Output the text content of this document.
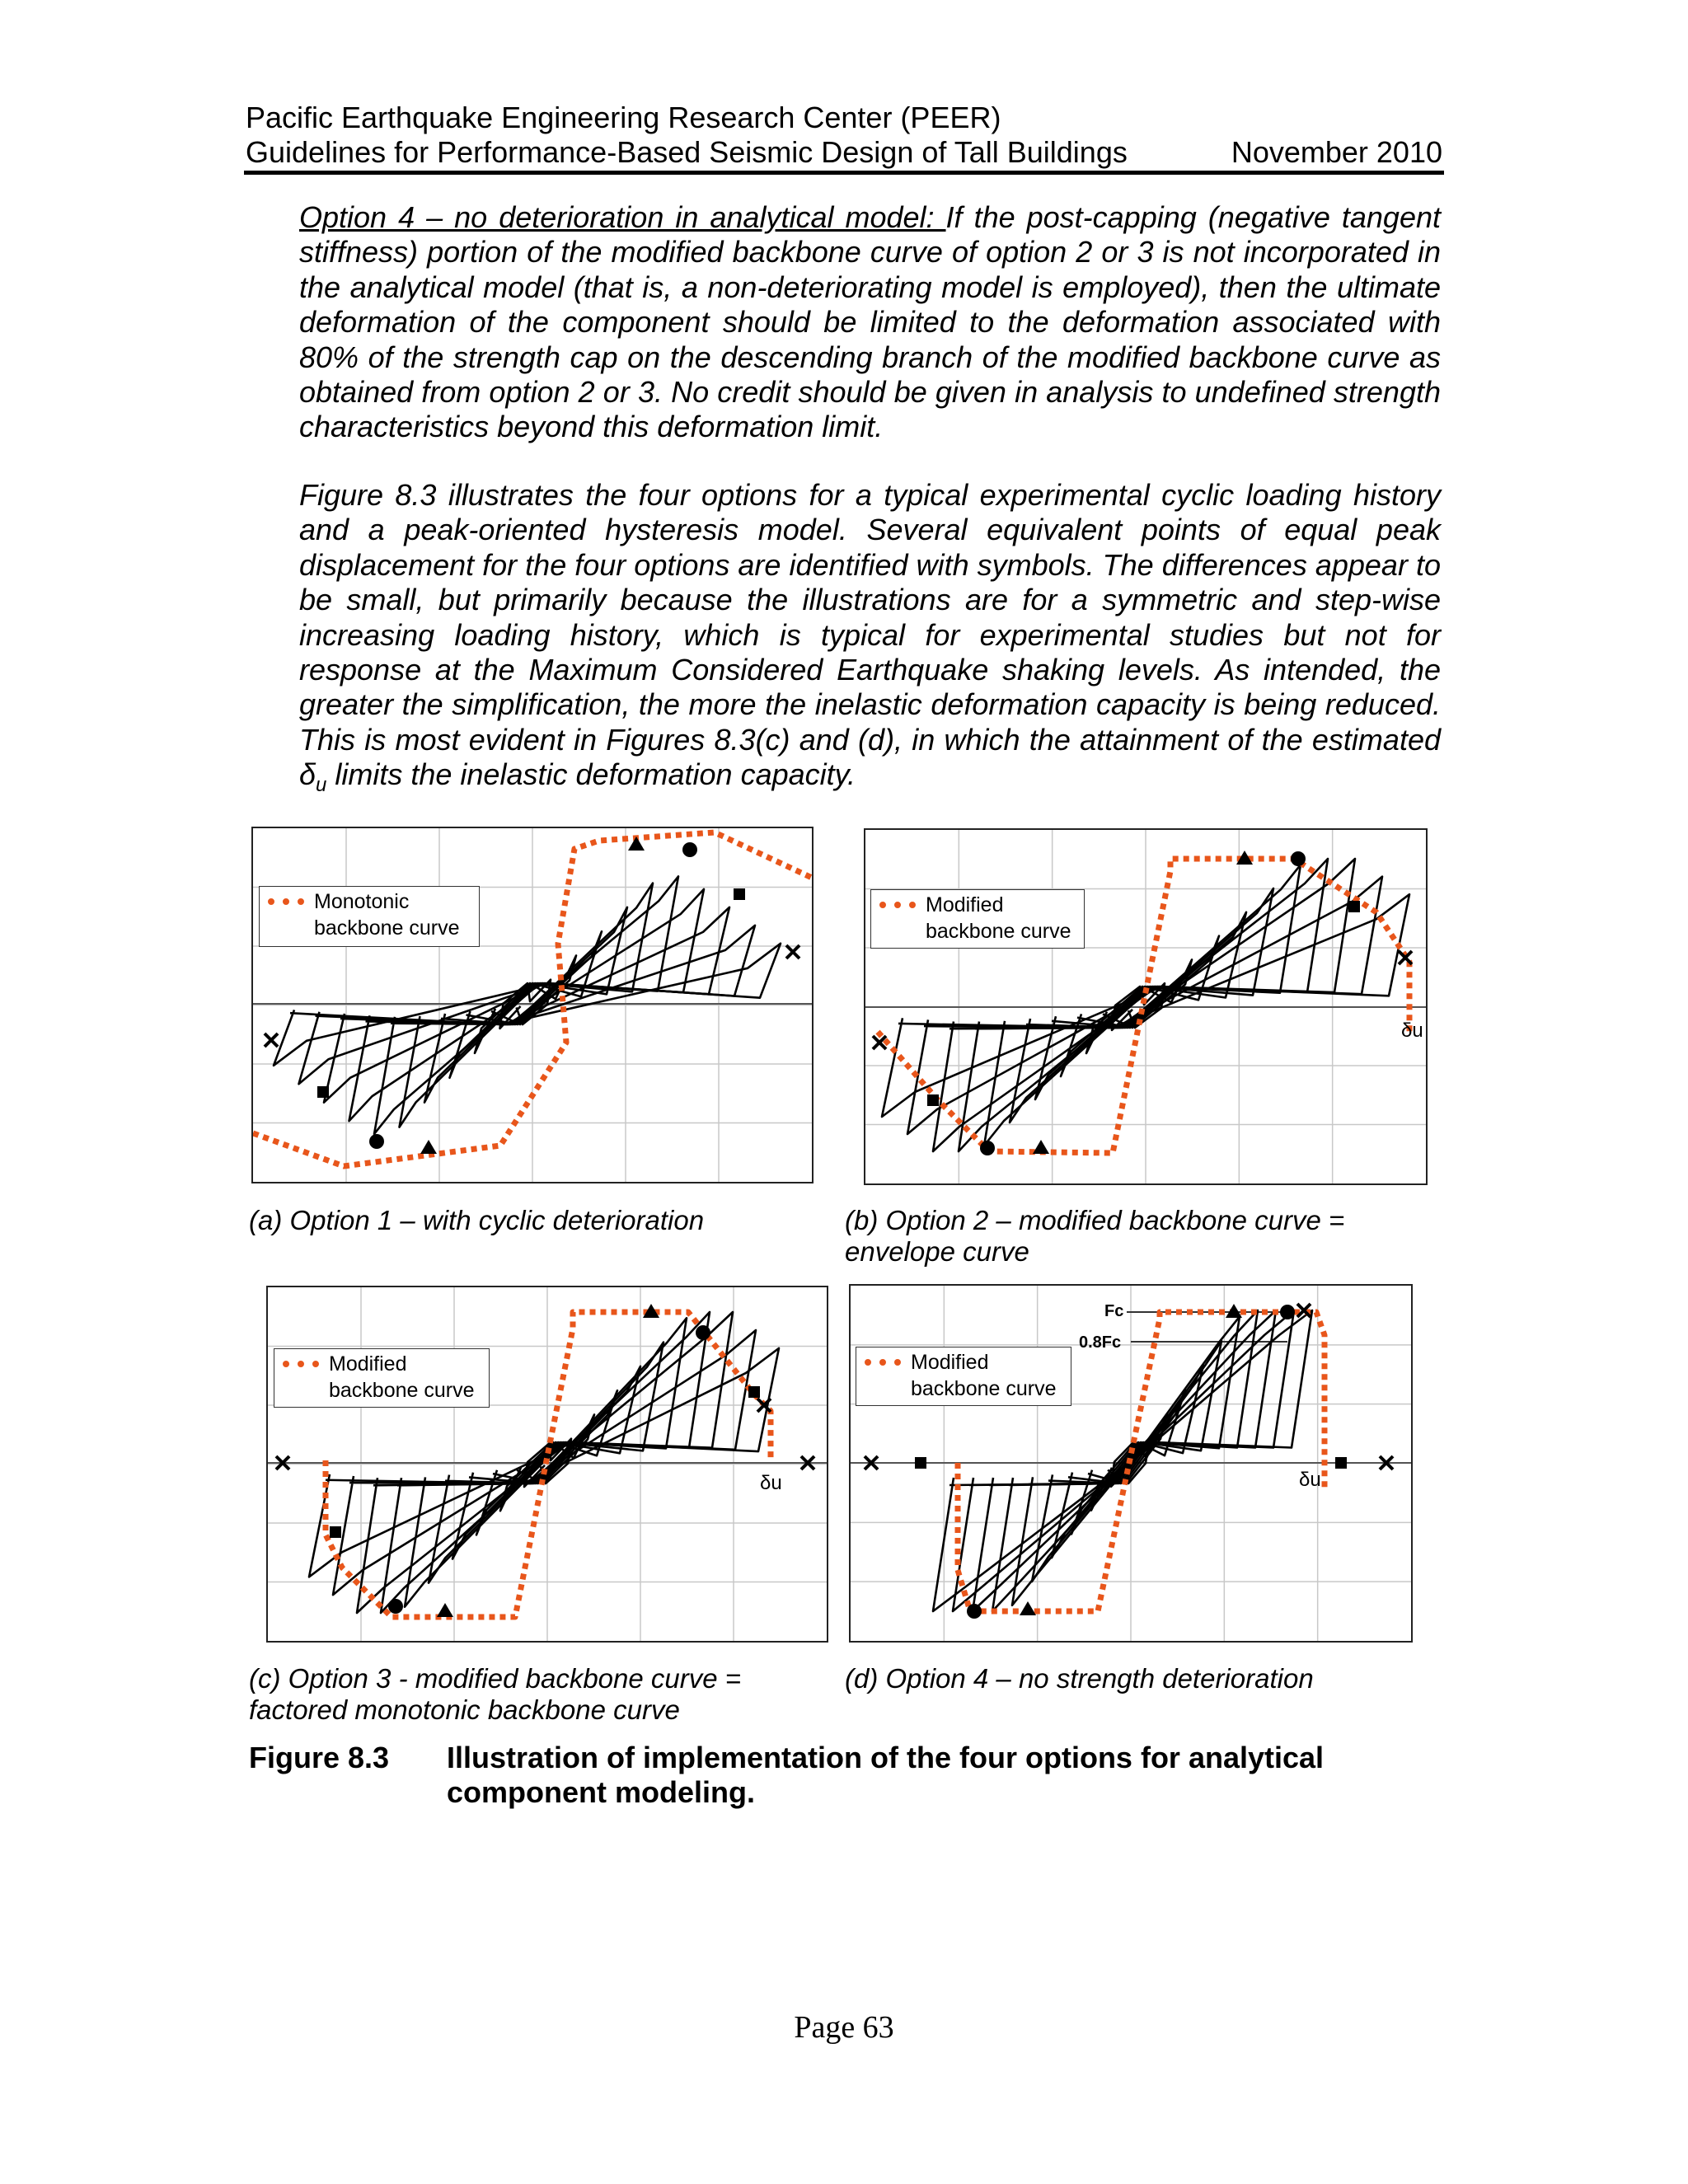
Pacific Earthquake Engineering Research Center (PEER)
Guidelines for Performance-Based Seismic Design of Tall Buildings	November 2010

Option 4 – no deterioration in analytical model: If the post-capping (negative tangent stiffness) portion of the modified backbone curve of option 2 or 3 is not incorporated in the analytical model (that is, a non-deteriorating model is employed), then the ultimate deformation of the component should be limited to the deformation associated with 80% of the strength cap on the descending branch of the modified backbone curve as obtained from option 2 or 3. No credit should be given in analysis to undefined strength characteristics beyond this deformation limit.

Figure 8.3 illustrates the four options for a typical experimental cyclic loading history and a peak-oriented hysteresis model. Several equivalent points of equal peak displacement for the four options are identified with symbols. The differences appear to be small, but primarily because the illustrations are for a symmetric and step-wise increasing loading history, which is typical for experimental studies but not for response at the Maximum Considered Earthquake shaking levels. As intended, the greater the simplification, the more the inelastic deformation capacity is being reduced. This is most evident in Figures 8.3(c) and (d), in which the attainment of the estimated $\delta_u$ limits the inelastic deformation capacity.

Monotonic
backbone curve
(a) Option 1 – with cyclic deterioration
Modified
backbone curve
δu
(b) Option 2 – modified backbone curve = envelope curve
Modified
backbone curve
δu
(c) Option 3 - modified backbone curve = factored monotonic backbone curve
Modified
backbone curve
Fc
0.8Fc
δu
(d) Option 4 – no strength deterioration
Figure 8.3 Illustration of implementation of the four options for analytical component modeling.
Page 63
